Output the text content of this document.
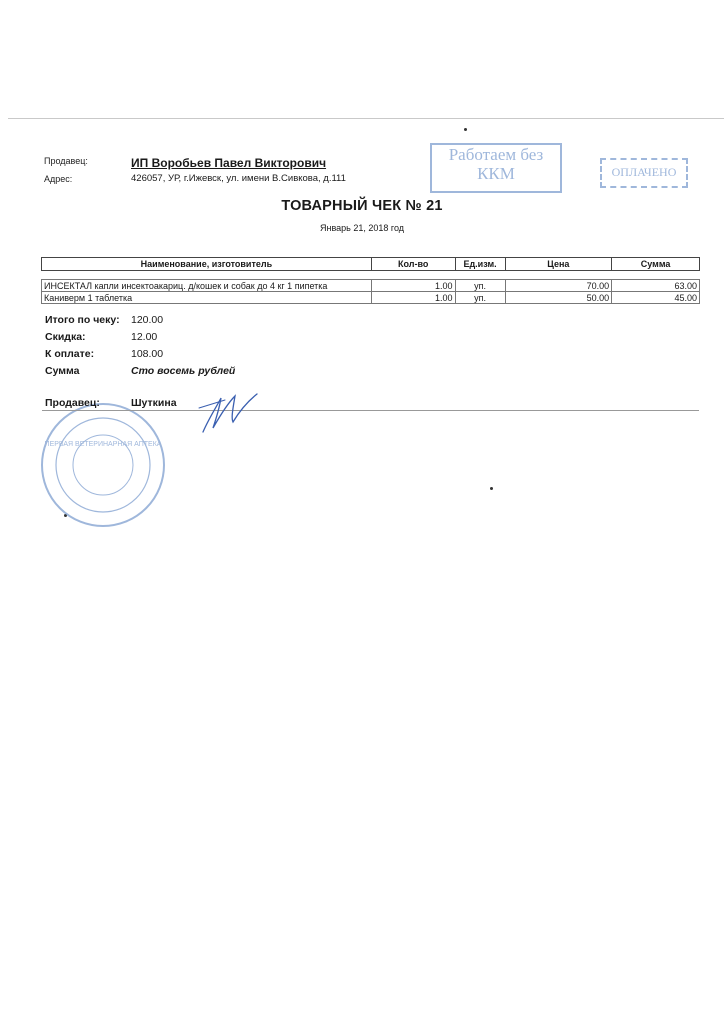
Продавец:	ИП Воробьев Павел Викторович
Адрес:	426057, УР, г.Ижевск, ул. имени В.Сивкова, д.111
Работаем без ККМ	ОПЛАЧЕНО
ТОВАРНЫЙ ЧЕК № 21
Январь 21, 2018 год
Наименование, изготовитель	Кол-во	Ед.изм.	Цена	Сумма

ИНСЕКТАЛ капли инсектоакариц. д/кошек и собак до 4 кг 1 пипетка	1.00	уп.	70.00	63.00
Каниверм 1 таблетка	1.00	уп.	50.00	45.00
Итого по чеку: 120.00
Скидка:	12.00
К оплате:	108.00
Сумма	Сто восемь рублей
ПЕРВАЯ ВЕТЕРИНАРНАЯ АПТЕКА
Продавец:	Шуткина
